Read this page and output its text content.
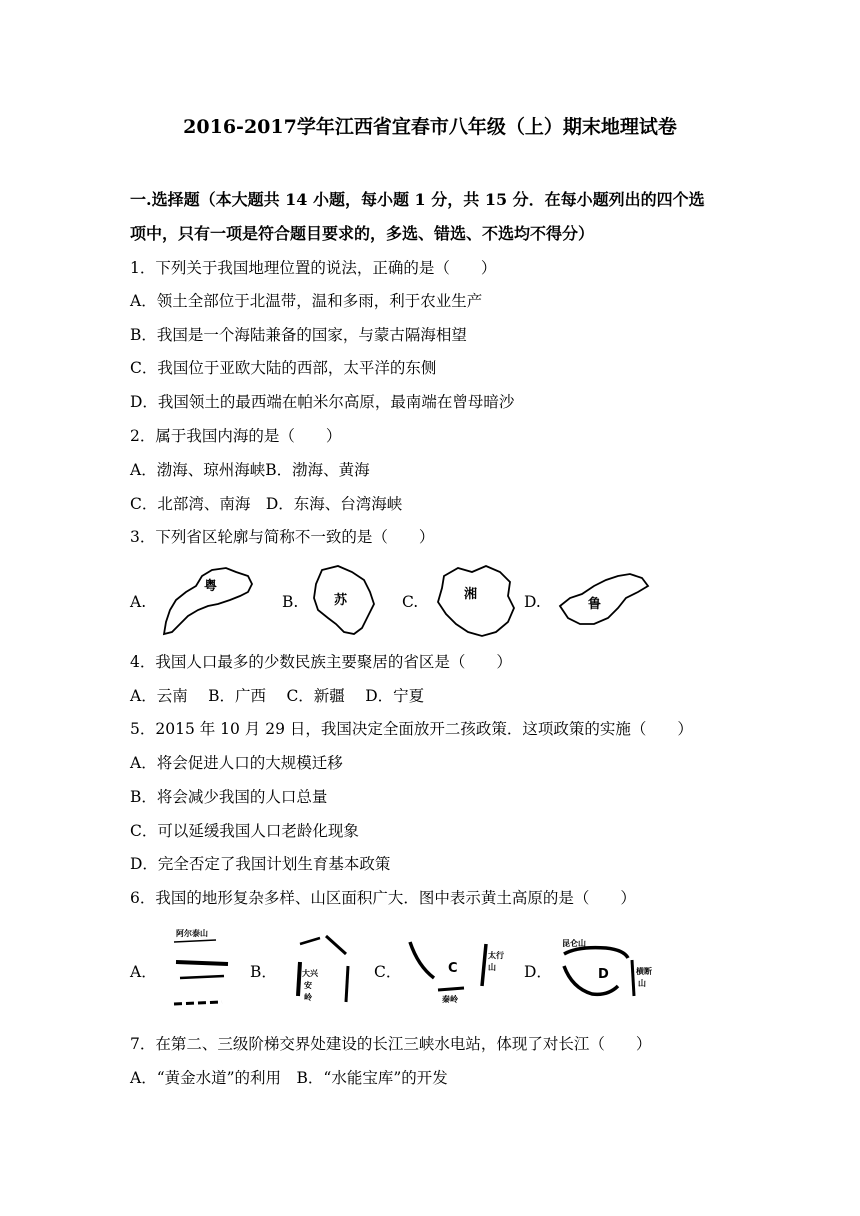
2016-2017学年江西省宜春市八年级（上）期末地理试卷
一.选择题（本大题共 14 小题，每小题 1 分，共 15 分．在每小题列出的四个选
项中，只有一项是符合题目要求的，多选、错选、不选均不得分）
1．下列关于我国地理位置的说法，正确的是（　　）
A．领土全部位于北温带，温和多雨，利于农业生产
B．我国是一个海陆兼备的国家，与蒙古隔海相望
C．我国位于亚欧大陆的西部，太平洋的东侧
D．我国领土的最西端在帕米尔高原，最南端在曾母暗沙
2．属于我国内海的是（　　）
A．渤海、琼州海峡B．渤海、黄海
C．北部湾、南海　D．东海、台湾海峡
3．下列省区轮廓与简称不一致的是（　　）
A.
粤
B.	苏	C.	湘	D.	鲁
4．我国人口最多的少数民族主要聚居的省区是（　　）
A．云南　 B．广西　 C．新疆　 D．宁夏
5．2015 年 10 月 29 日，我国决定全面放开二孩政策．这项政策的实施（　　）
A．将会促进人口的大规模迁移
B．将会减少我国的人口总量
C．可以延缓我国人口老龄化现象
D．完全否定了我国计划生育基本政策
6．我国的地形复杂多样、山区面积广大．图中表示黄土高原的是（　　）
A．
阿尔泰山
B．	大兴
安
岭
C．	C
太行
山
秦岭
D．
昆仑山
D	横断
山
7．在第二、三级阶梯交界处建设的长江三峡水电站，体现了对长江（　　）
A．“黄金水道”的利用　B．“水能宝库”的开发
